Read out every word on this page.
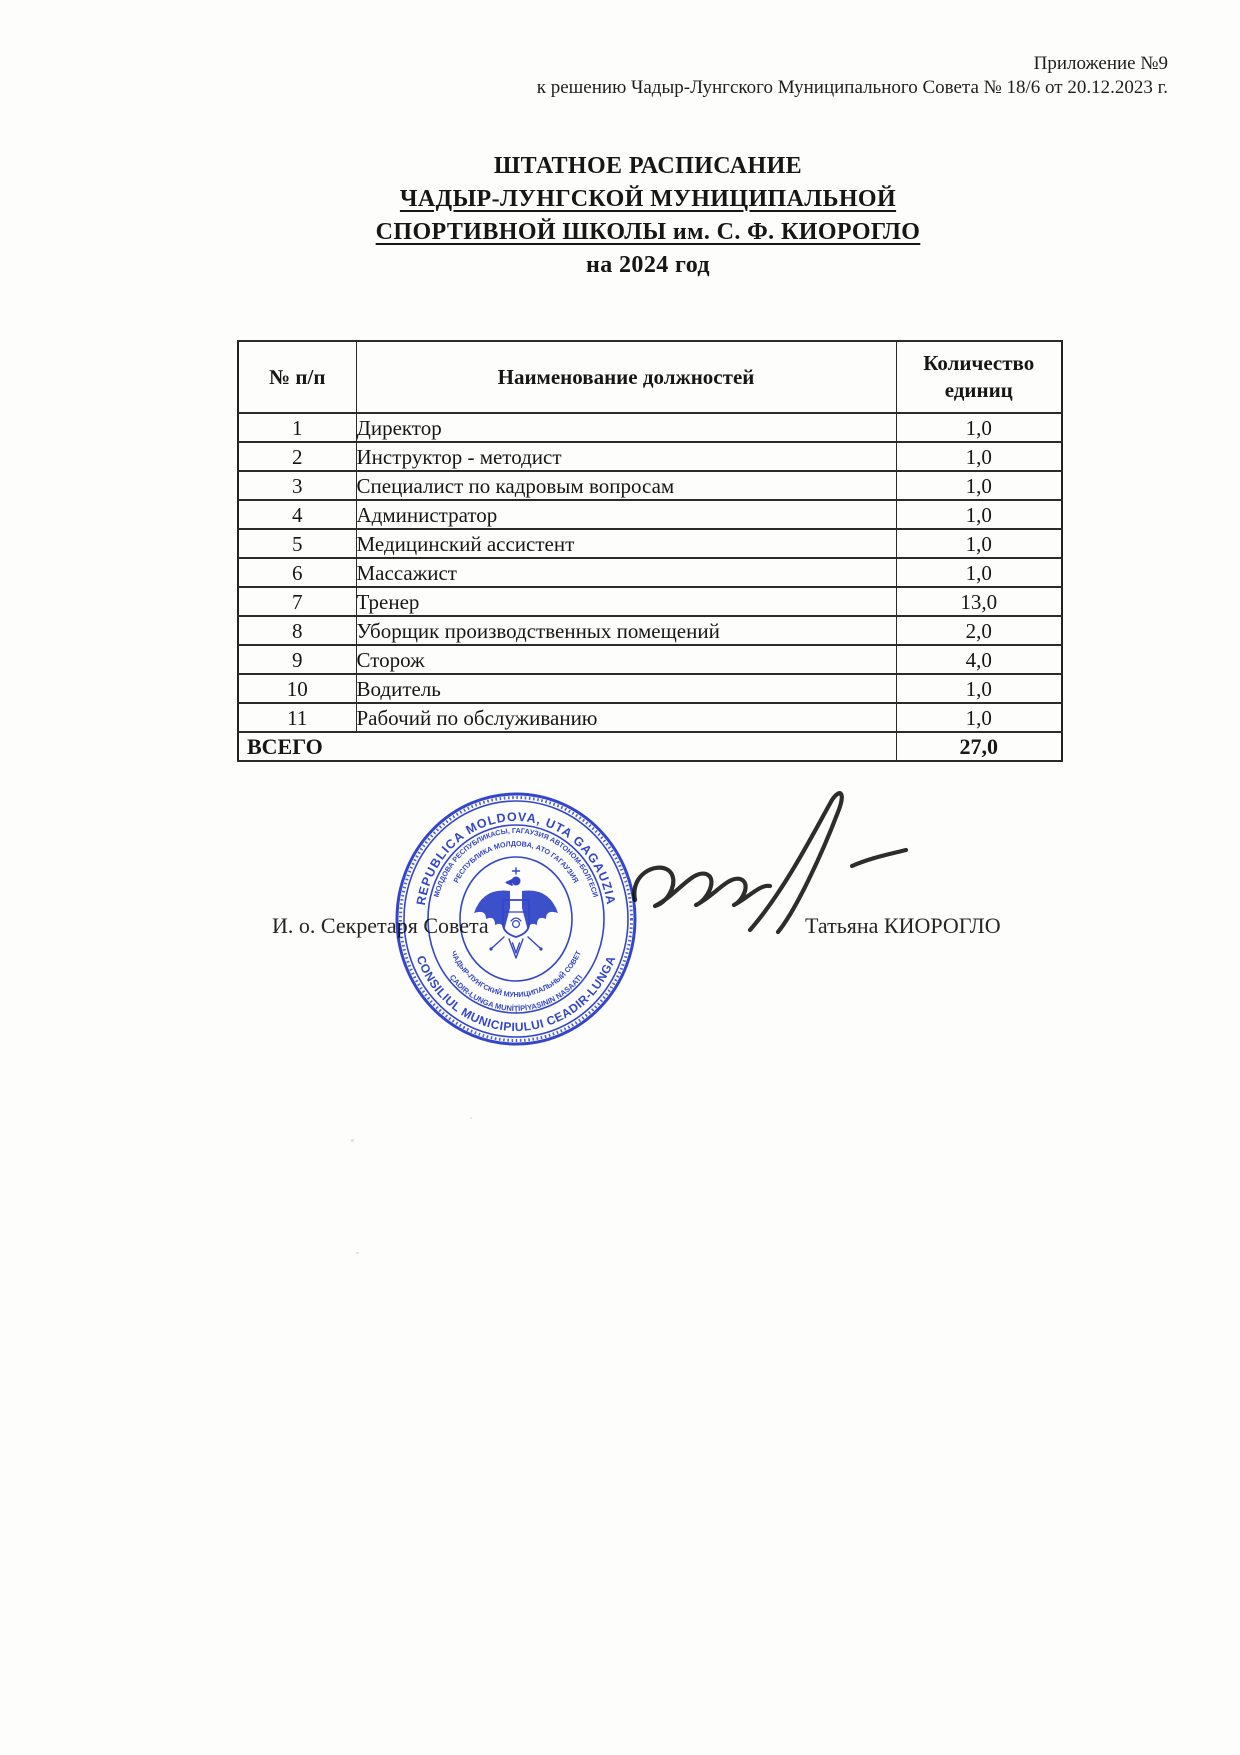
Приложение №9
к решению Чадыр-Лунгского Муниципального Совета № 18/6 от 20.12.2023 г.
ШТАТНОЕ РАСПИСАНИЕ
ЧАДЫР-ЛУНГСКОЙ МУНИЦИПАЛЬНОЙ
СПОРТИВНОЙ ШКОЛЫ им. С. Ф. КИОРОГЛО
на 2024 год
№ п/п	Наименование должностей	Количество единиц
1	Директор	1,0
2	Инструктор - методист	1,0
3	Специалист по кадровым вопросам	1,0
4	Администратор	1,0
5	Медицинский ассистент	1,0
6	Массажист	1,0
7	Тренер	13,0
8	Уборщик производственных помещений	2,0
9	Сторож	4,0
10	Водитель	1,0
11	Рабочий по обслуживанию	1,0
ВСЕГО		27,0
И. о. Секретаря Совета	Татьяна КИОРОГЛО
REPUBLICA MOLDOVA, UTA GAGAUZIA
CONSILIUL MUNICIPIULUI CEADIR-LUNGA
МОЛДОВА РЕСПУБЛИКАСЫ, ГАГАУЗИЯ АВТОНОМ-БОЛГЕСИ
РЕСПУБЛИКА МОЛДОВА, АТО ГАГАУЗИЯ
ÇADIR-LUNGA MUNİŢİPİYASININ NASAATI
ЧАДЫР-ЛУНГСКИЙ МУНИЦИПАЛЬНЫЙ СОВЕТ
